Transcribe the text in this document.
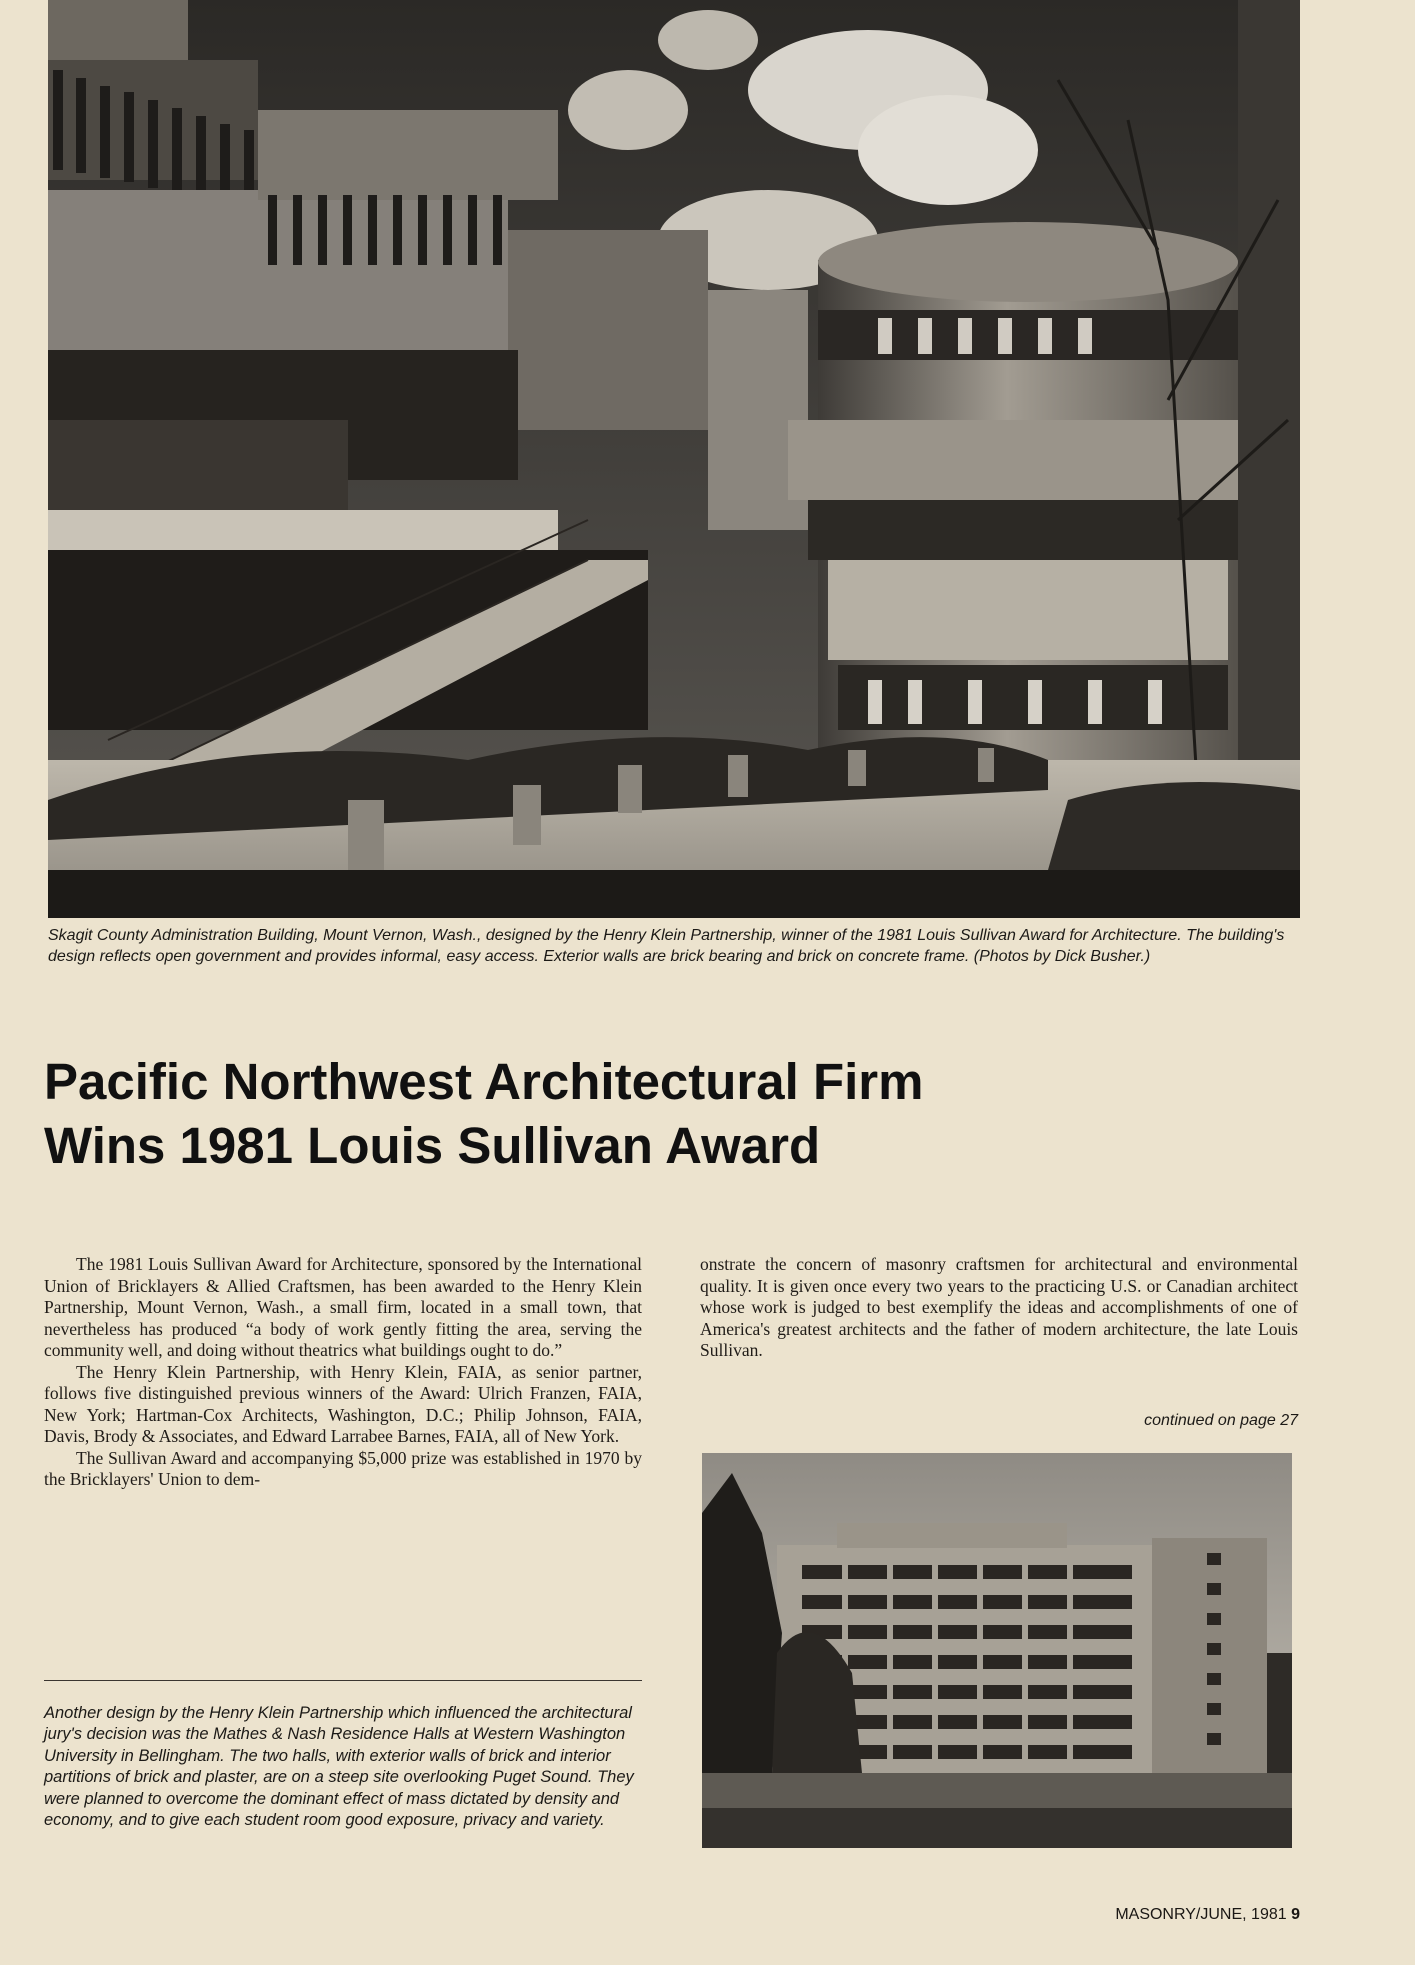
Skagit County Administration Building, Mount Vernon, Wash., designed by the Henry Klein Partnership, winner of the 1981 Louis Sullivan Award for Architecture. The building's design reflects open government and provides informal, easy access. Exterior walls are brick bearing and brick on concrete frame. (Photos by Dick Busher.)
Pacific Northwest Architectural Firm
Wins 1981 Louis Sullivan Award

The 1981 Louis Sullivan Award for Architecture, sponsored by the International Union of Bricklayers & Allied Craftsmen, has been awarded to the Henry Klein Partnership, Mount Vernon, Wash., a small firm, located in a small town, that nevertheless has produced “a body of work gently fitting the area, serving the community well, and doing without theatrics what buildings ought to do.”

The Henry Klein Partnership, with Henry Klein, FAIA, as senior partner, follows five distinguished previous winners of the Award: Ulrich Franzen, FAIA, New York; Hartman-Cox Architects, Washington, D.C.; Philip Johnson, FAIA, Davis, Brody & Associates, and Edward Larrabee Barnes, FAIA, all of New York.

The Sullivan Award and accompanying $5,000 prize was established in 1970 by the Bricklayers' Union to dem-

onstrate the concern of masonry craftsmen for architectural and environmental quality. It is given once every two years to the practicing U.S. or Canadian architect whose work is judged to best exemplify the ideas and accomplishments of one of America's greatest architects and the father of modern architecture, the late Louis Sullivan.

continued on page 27
Another design by the Henry Klein Partnership which influenced the architectural jury's decision was the Mathes & Nash Residence Halls at Western Washington University in Bellingham. The two halls, with exterior walls of brick and interior partitions of brick and plaster, are on a steep site overlooking Puget Sound. They were planned to overcome the dominant effect of mass dictated by density and economy, and to give each student room good exposure, privacy and variety.
MASONRY/JUNE, 1981 9
